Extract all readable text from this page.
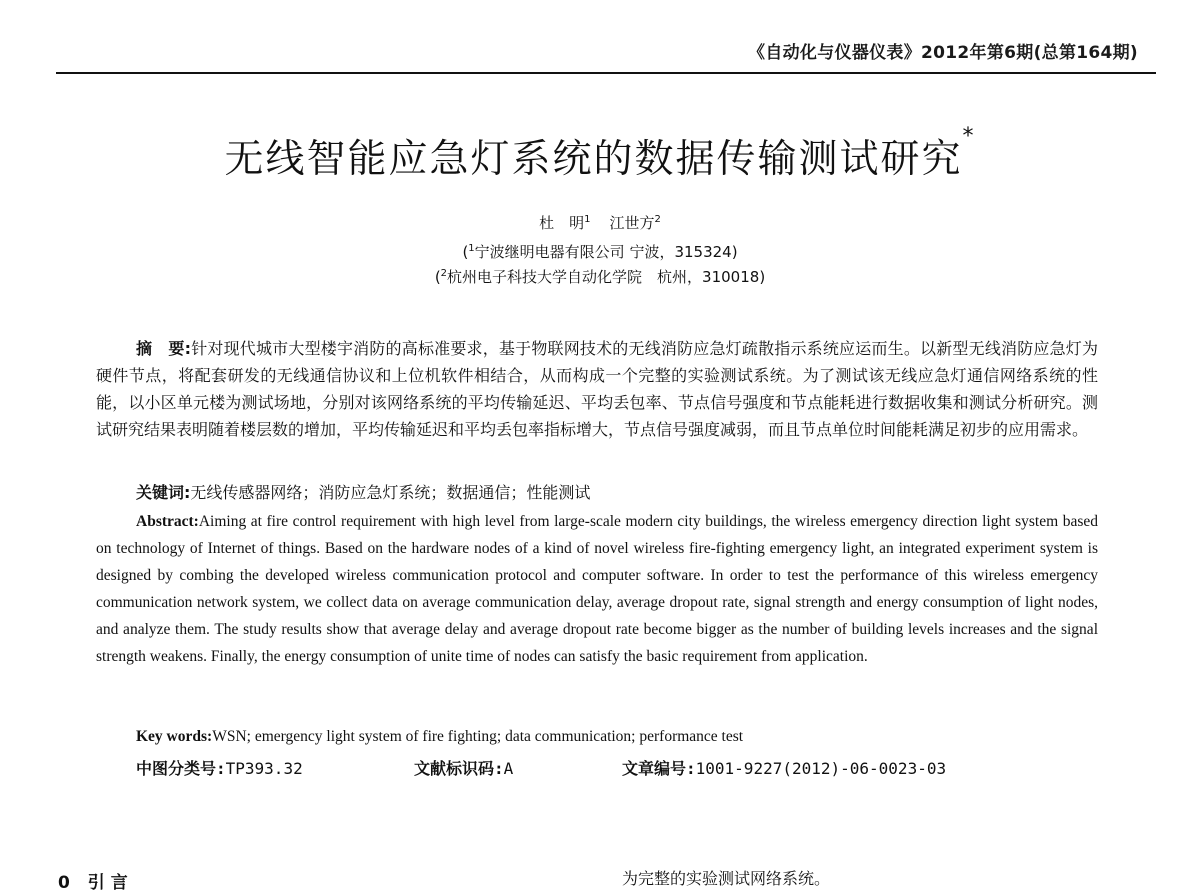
《自动化与仪器仪表》2012年第6期(总第164期)
无线智能应急灯系统的数据传输测试研究*
杜　明$^1$ 江世方$^2$
($^1$宁波继明电器有限公司 宁波，315324)
($^2$杭州电子科技大学自动化学院　杭州，310018)
摘　要:针对现代城市大型楼宇消防的高标准要求，基于物联网技术的无线消防应急灯疏散指示系统应运而生。以新型无线消防应急灯为硬件节点，将配套研发的无线通信协议和上位机软件相结合，从而构成一个完整的实验测试系统。为了测试该无线应急灯通信网络系统的性能，以小区单元楼为测试场地，分别对该网络系统的平均传输延迟、平均丢包率、节点信号强度和节点能耗进行数据收集和测试分析研究。测试研究结果表明随着楼层数的增加，平均传输延迟和平均丢包率指标增大，节点信号强度减弱，而且节点单位时间能耗满足初步的应用需求。
关键词:无线传感器网络；消防应急灯系统；数据通信；性能测试
Abstract:Aiming at fire control requirement with high level from large-scale modern city buildings, the wireless emergency direction light system based on technology of Internet of things. Based on the hardware nodes of a kind of novel wireless fire-fighting emergency light, an integrated experiment system is designed by combing the developed wireless communication protocol and computer software. In order to test the performance of this wireless emergency communication network system, we collect data on average communication delay, average dropout rate, signal strength and energy consumption of light nodes, and analyze them. The study results show that average delay and average dropout rate become bigger as the number of building levels increases and the signal strength weakens. Finally, the energy consumption of unite time of nodes can satisfy the basic requirement from application.
Key words:WSN; emergency light system of fire fighting; data communication; performance test
中图分类号:TP393.32	文献标识码:A	文章编号:1001-9227(2012)-06-0023-03
0 引言	为完整的实验测试网络系统。
